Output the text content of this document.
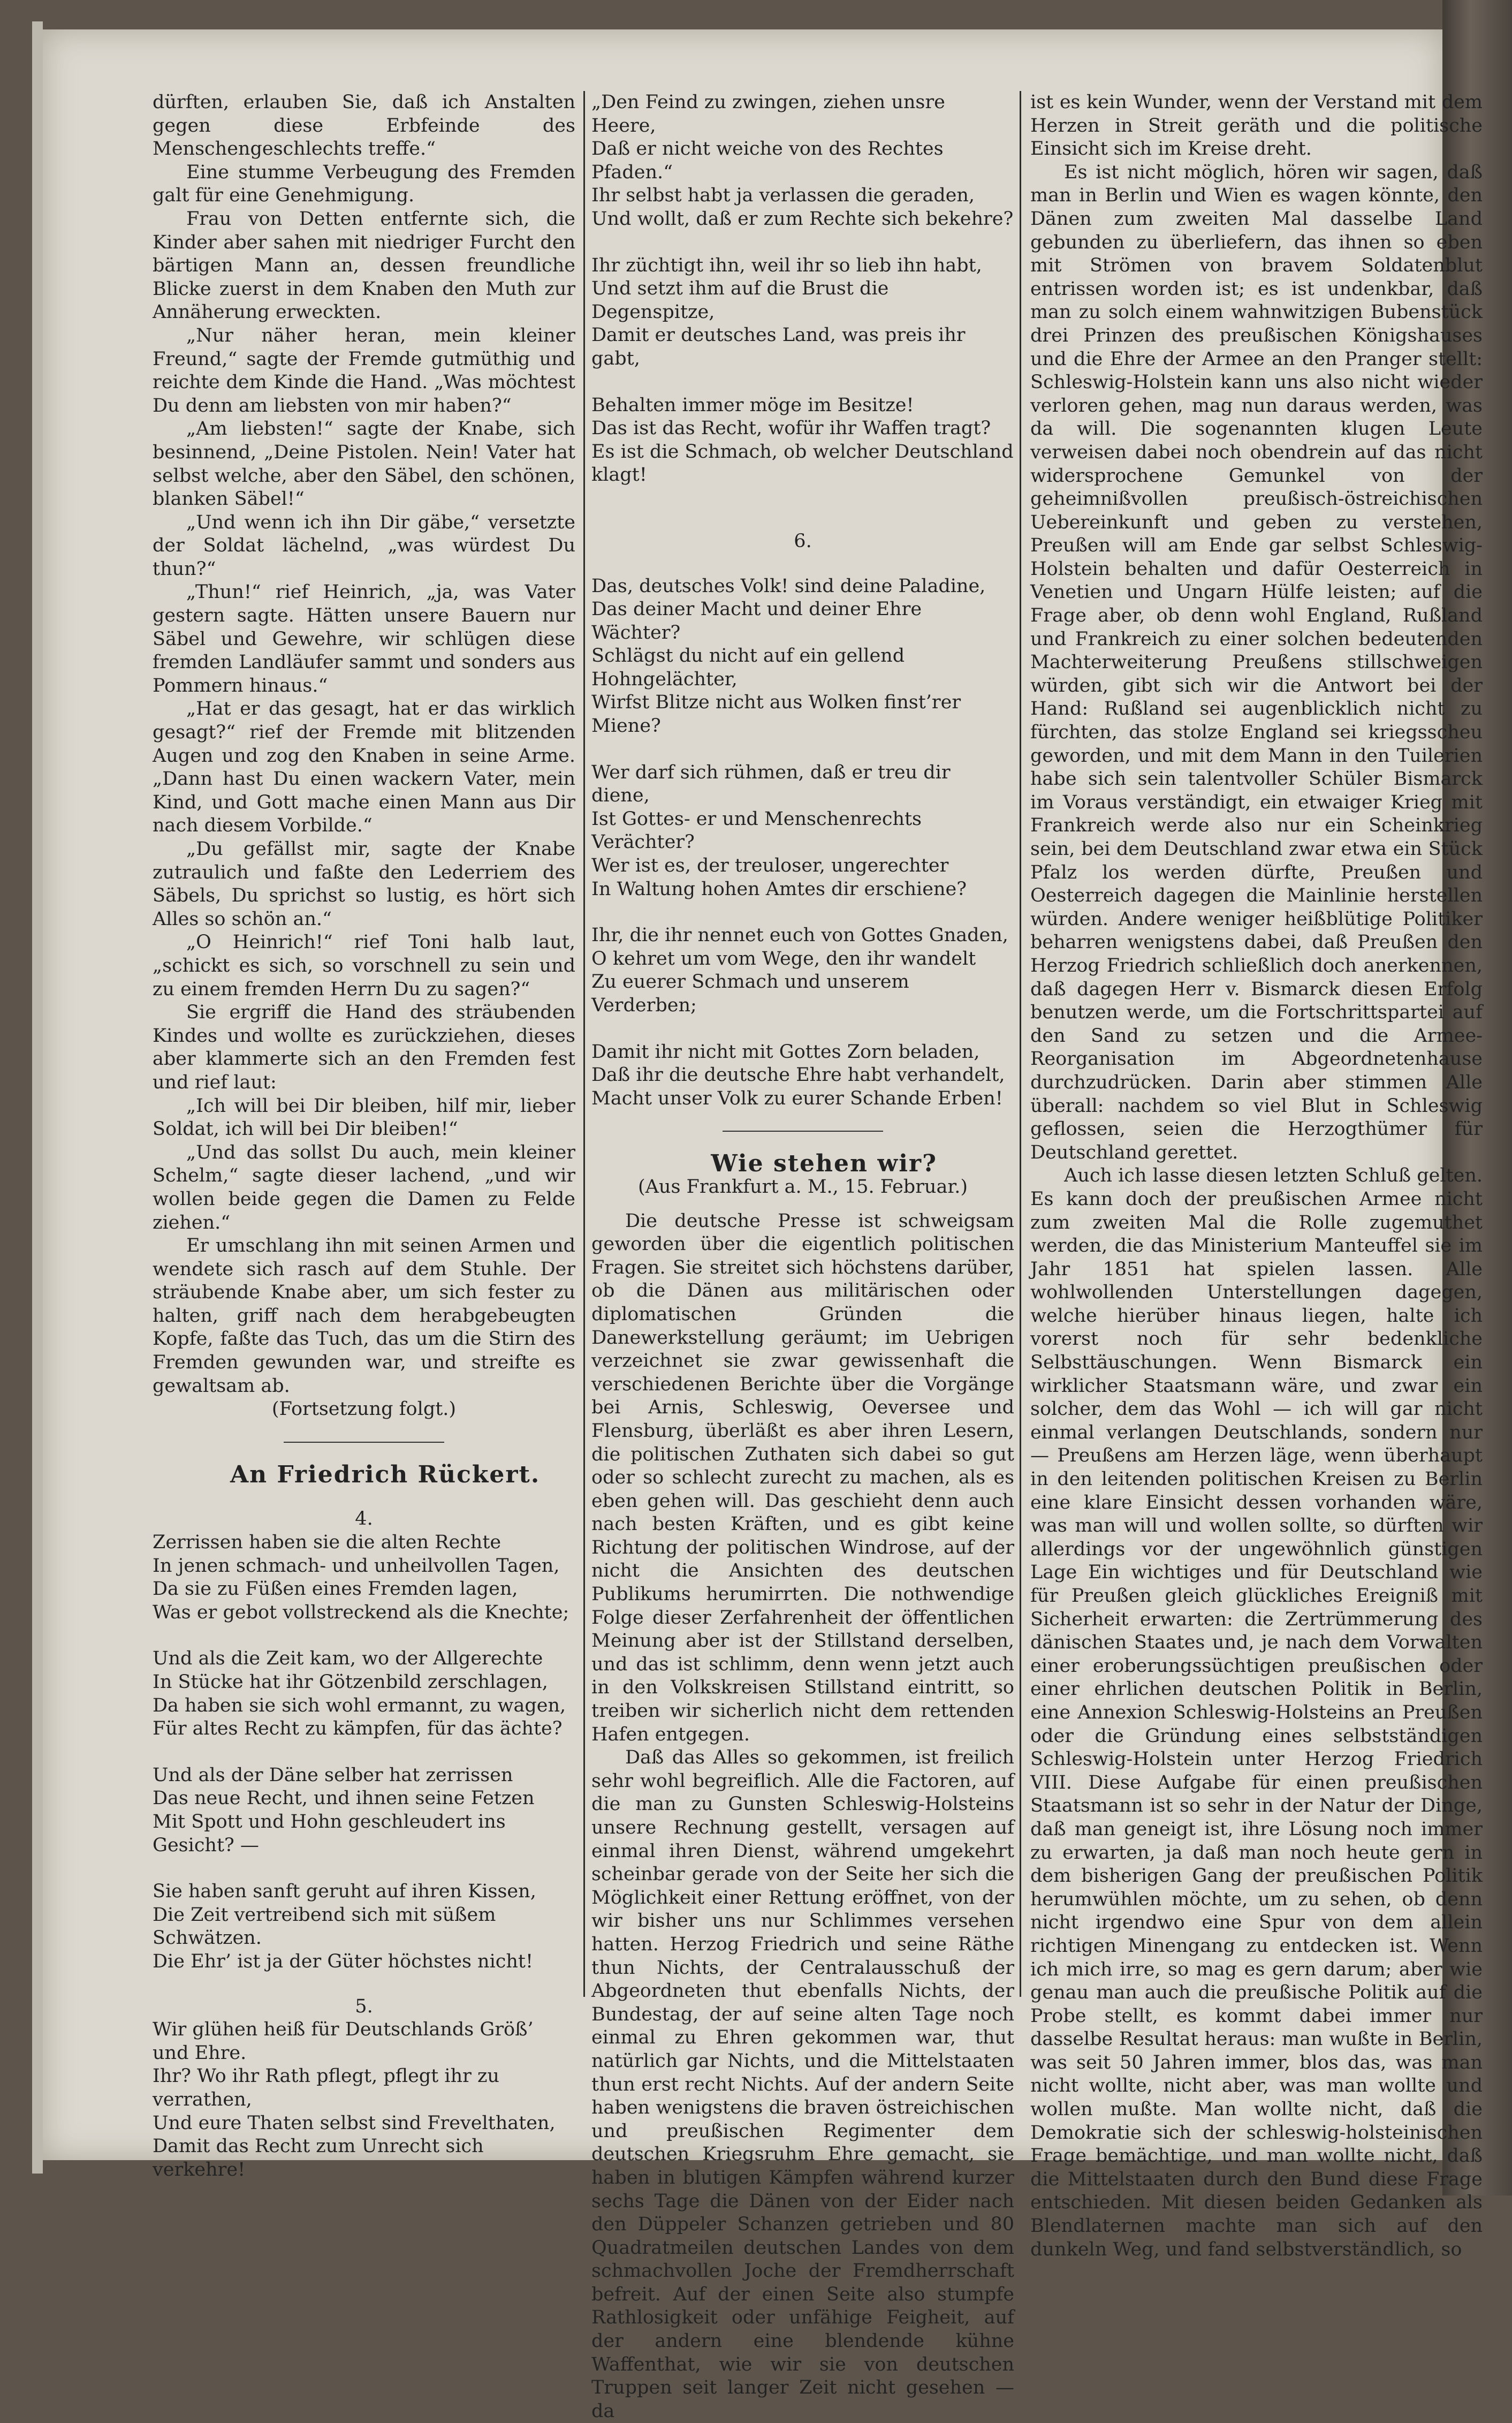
dürften, erlauben Sie, daß ich Anstalten gegen diese Erbfeinde des Menschengeschlechts treffe.“

Eine stumme Verbeugung des Fremden galt für eine Genehmigung.

Frau von Detten entfernte sich, die Kinder aber sahen mit niedriger Furcht den bärtigen Mann an, dessen freundliche Blicke zuerst in dem Knaben den Muth zur Annäherung erweckten.

„Nur näher heran, mein kleiner Freund,“ sagte der Fremde gutmüthig und reichte dem Kinde die Hand. „Was möchtest Du denn am liebsten von mir haben?“

„Am liebsten!“ sagte der Knabe, sich besinnend, „Deine Pistolen. Nein! Vater hat selbst welche, aber den Säbel, den schönen, blanken Säbel!“

„Und wenn ich ihn Dir gäbe,“ versetzte der Soldat lächelnd, „was würdest Du thun?“

„Thun!“ rief Heinrich, „ja, was Vater gestern sagte. Hätten unsere Bauern nur Säbel und Gewehre, wir schlügen diese fremden Landläufer sammt und sonders aus Pommern hinaus.“

„Hat er das gesagt, hat er das wirklich gesagt?“ rief der Fremde mit blitzenden Augen und zog den Knaben in seine Arme. „Dann hast Du einen wackern Vater, mein Kind, und Gott mache einen Mann aus Dir nach diesem Vorbilde.“

„Du gefällst mir, sagte der Knabe zutraulich und faßte den Lederriem des Säbels, Du sprichst so lustig, es hört sich Alles so schön an.“

„O Heinrich!“ rief Toni halb laut, „schickt es sich, so vorschnell zu sein und zu einem fremden Herrn Du zu sagen?“

Sie ergriff die Hand des sträubenden Kindes und wollte es zurückziehen, dieses aber klammerte sich an den Fremden fest und rief laut:

„Ich will bei Dir bleiben, hilf mir, lieber Soldat, ich will bei Dir bleiben!“

„Und das sollst Du auch, mein kleiner Schelm,“ sagte dieser lachend, „und wir wollen beide gegen die Damen zu Felde ziehen.“

Er umschlang ihn mit seinen Armen und wendete sich rasch auf dem Stuhle. Der sträubende Knabe aber, um sich fester zu halten, griff nach dem herabgebeugten Kopfe, faßte das Tuch, das um die Stirn des Fremden gewunden war, und streifte es gewaltsam ab.

(Fortsetzung folgt.)

An Friedrich Rückert.

4.

Zerrissen haben sie die alten Rechte

In jenen schmach- und unheilvollen Tagen,

Da sie zu Füßen eines Fremden lagen,

Was er gebot vollstreckend als die Knechte;

Und als die Zeit kam, wo der Allgerechte

In Stücke hat ihr Götzenbild zerschlagen,

Da haben sie sich wohl ermannt, zu wagen,

Für altes Recht zu kämpfen, für das ächte?

Und als der Däne selber hat zerrissen

Das neue Recht, und ihnen seine Fetzen

Mit Spott und Hohn geschleudert ins Gesicht? —

Sie haben sanft geruht auf ihren Kissen,

Die Zeit vertreibend sich mit süßem Schwätzen.

Die Ehr’ ist ja der Güter höchstes nicht!

5.

Wir glühen heiß für Deutschlands Größ’ und Ehre.

Ihr? Wo ihr Rath pflegt, pflegt ihr zu verrathen,

Und eure Thaten selbst sind Frevelthaten,

Damit das Recht zum Unrecht sich verkehre!

„Den Feind zu zwingen, ziehen unsre Heere,

Daß er nicht weiche von des Rechtes Pfaden.“

Ihr selbst habt ja verlassen die geraden,

Und wollt, daß er zum Rechte sich bekehre?

Ihr züchtigt ihn, weil ihr so lieb ihn habt,

Und setzt ihm auf die Brust die Degenspitze,

Damit er deutsches Land, was preis ihr gabt,

Behalten immer möge im Besitze!

Das ist das Recht, wofür ihr Waffen tragt?

Es ist die Schmach, ob welcher Deutschland klagt!

6.

Das, deutsches Volk! sind deine Paladine,

Das deiner Macht und deiner Ehre Wächter?

Schlägst du nicht auf ein gellend Hohngelächter,

Wirfst Blitze nicht aus Wolken finst’rer Miene?

Wer darf sich rühmen, daß er treu dir diene,

Ist Gottes- er und Menschenrechts Verächter?

Wer ist es, der treuloser, ungerechter

In Waltung hohen Amtes dir erschiene?

Ihr, die ihr nennet euch von Gottes Gnaden,

O kehret um vom Wege, den ihr wandelt

Zu euerer Schmach und unserem Verderben;

Damit ihr nicht mit Gottes Zorn beladen,

Daß ihr die deutsche Ehre habt verhandelt,

Macht unser Volk zu eurer Schande Erben!

Wie stehen wir?

(Aus Frankfurt a. M., 15. Februar.)

Die deutsche Presse ist schweigsam geworden über die eigentlich politischen Fragen. Sie streitet sich höchstens darüber, ob die Dänen aus militärischen oder diplomatischen Gründen die Danewerkstellung geräumt; im Uebrigen verzeichnet sie zwar gewissenhaft die verschiedenen Berichte über die Vorgänge bei Arnis, Schleswig, Oeversee und Flensburg, überläßt es aber ihren Lesern, die politischen Zuthaten sich dabei so gut oder so schlecht zurecht zu machen, als es eben gehen will. Das geschieht denn auch nach besten Kräften, und es gibt keine Richtung der politischen Windrose, auf der nicht die Ansichten des deutschen Publikums herumirrten. Die nothwendige Folge dieser Zerfahrenheit der öffentlichen Meinung aber ist der Stillstand derselben, und das ist schlimm, denn wenn jetzt auch in den Volkskreisen Stillstand eintritt, so treiben wir sicherlich nicht dem rettenden Hafen entgegen.

Daß das Alles so gekommen, ist freilich sehr wohl begreiflich. Alle die Factoren, auf die man zu Gunsten Schleswig-Holsteins unsere Rechnung gestellt, versagen auf einmal ihren Dienst, während umgekehrt scheinbar gerade von der Seite her sich die Möglichkeit einer Rettung eröffnet, von der wir bisher uns nur Schlimmes versehen hatten. Herzog Friedrich und seine Räthe thun Nichts, der Centralausschuß der Abgeordneten thut ebenfalls Nichts, der Bundestag, der auf seine alten Tage noch einmal zu Ehren gekommen war, thut natürlich gar Nichts, und die Mittelstaaten thun erst recht Nichts. Auf der andern Seite haben wenigstens die braven östreichischen und preußischen Regimenter dem deutschen Kriegsruhm Ehre gemacht, sie haben in blutigen Kämpfen während kurzer sechs Tage die Dänen von der Eider nach den Düppeler Schanzen getrieben und 80 Quadratmeilen deutschen Landes von dem schmachvollen Joche der Fremdherrschaft befreit. Auf der einen Seite also stumpfe Rathlosigkeit oder unfähige Feigheit, auf der andern eine blendende kühne Waffenthat, wie wir sie von deutschen Truppen seit langer Zeit nicht gesehen — da

ist es kein Wunder, wenn der Verstand mit dem Herzen in Streit geräth und die politische Einsicht sich im Kreise dreht.

Es ist nicht möglich, hören wir sagen, daß man in Berlin und Wien es wagen könnte, den Dänen zum zweiten Mal dasselbe Land gebunden zu überliefern, das ihnen so eben mit Strömen von bravem Soldatenblut entrissen worden ist; es ist undenkbar, daß man zu solch einem wahnwitzigen Bubenstück drei Prinzen des preußischen Königshauses und die Ehre der Armee an den Pranger stellt: Schleswig-Holstein kann uns also nicht wieder verloren gehen, mag nun daraus werden, was da will. Die sogenannten klugen Leute verweisen dabei noch obendrein auf das nicht widersprochene Gemunkel von der geheimnißvollen preußisch-östreichischen Uebereinkunft und geben zu verstehen, Preußen will am Ende gar selbst Schleswig-Holstein behalten und dafür Oesterreich in Venetien und Ungarn Hülfe leisten; auf die Frage aber, ob denn wohl England, Rußland und Frankreich zu einer solchen bedeutenden Machterweiterung Preußens stillschweigen würden, gibt sich wir die Antwort bei der Hand: Rußland sei augenblicklich nicht zu fürchten, das stolze England sei kriegsscheu geworden, und mit dem Mann in den Tuilerien habe sich sein talentvoller Schüler Bismarck im Voraus verständigt, ein etwaiger Krieg mit Frankreich werde also nur ein Scheinkrieg sein, bei dem Deutschland zwar etwa ein Stück Pfalz los werden dürfte, Preußen und Oesterreich dagegen die Mainlinie herstellen würden. Andere weniger heißblütige Politiker beharren wenigstens dabei, daß Preußen den Herzog Friedrich schließlich doch anerkennen, daß dagegen Herr v. Bismarck diesen Erfolg benutzen werde, um die Fortschrittspartei auf den Sand zu setzen und die Armee-Reorganisation im Abgeordnetenhause durchzudrücken. Darin aber stimmen Alle überall: nachdem so viel Blut in Schleswig geflossen, seien die Herzogthümer für Deutschland gerettet.

Auch ich lasse diesen letzten Schluß gelten. Es kann doch der preußischen Armee nicht zum zweiten Mal die Rolle zugemuthet werden, die das Ministerium Manteuffel sie im Jahr 1851 hat spielen lassen. Alle wohlwollenden Unterstellungen dagegen, welche hierüber hinaus liegen, halte ich vorerst noch für sehr bedenkliche Selbsttäuschungen. Wenn Bismarck ein wirklicher Staatsmann wäre, und zwar ein solcher, dem das Wohl — ich will gar nicht einmal verlangen Deutschlands, sondern nur — Preußens am Herzen läge, wenn überhaupt in den leitenden politischen Kreisen zu Berlin eine klare Einsicht dessen vorhanden wäre, was man will und wollen sollte, so dürften wir allerdings vor der ungewöhnlich günstigen Lage Ein wichtiges und für Deutschland wie für Preußen gleich glückliches Ereigniß mit Sicherheit erwarten: die Zertrümmerung des dänischen Staates und, je nach dem Vorwalten einer eroberungssüchtigen preußischen oder einer ehrlichen deutschen Politik in Berlin, eine Annexion Schleswig-Holsteins an Preußen oder die Gründung eines selbstständigen Schleswig-Holstein unter Herzog Friedrich VIII. Diese Aufgabe für einen preußischen Staatsmann ist so sehr in der Natur der Dinge, daß man geneigt ist, ihre Lösung noch immer zu erwarten, ja daß man noch heute gern in dem bisherigen Gang der preußischen Politik herumwühlen möchte, um zu sehen, ob denn nicht irgendwo eine Spur von dem allein richtigen Minengang zu entdecken ist. Wenn ich mich irre, so mag es gern darum; aber wie genau man auch die preußische Politik auf die Probe stellt, es kommt dabei immer nur dasselbe Resultat heraus: man wußte in Berlin, was seit 50 Jahren immer, blos das, was man nicht wollte, nicht aber, was man wollte und wollen mußte. Man wollte nicht, daß die Demokratie sich der schleswig-holsteinischen Frage bemächtige, und man wollte nicht, daß die Mittelstaaten durch den Bund diese Frage entschieden. Mit diesen beiden Gedanken als Blendlaternen machte man sich auf den dunkeln Weg, und fand selbstverständlich, so
